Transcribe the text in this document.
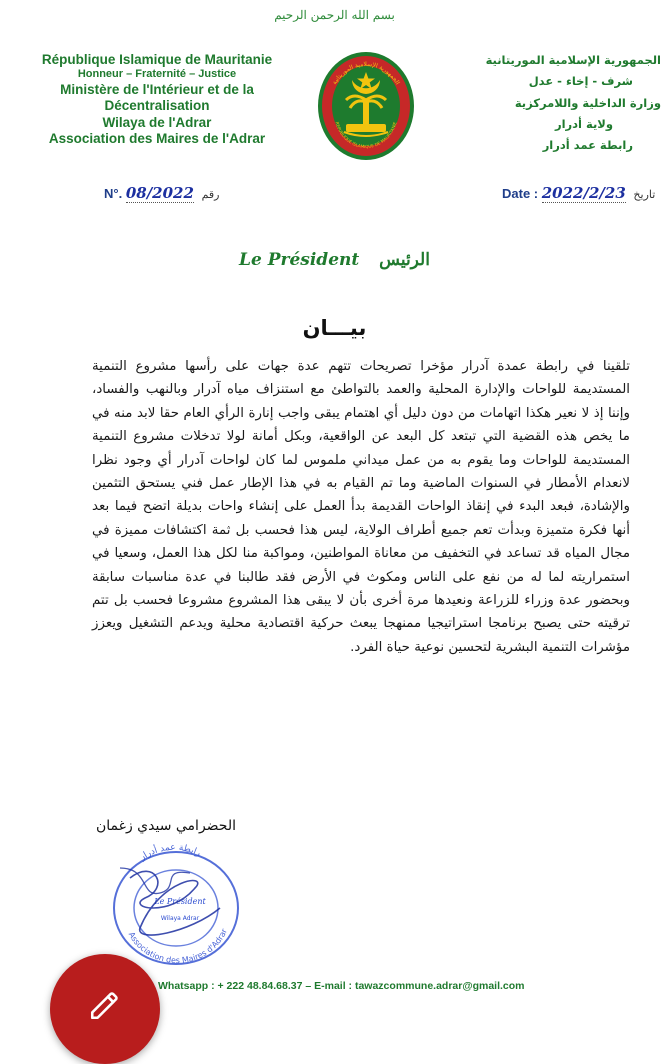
بسم الله الرحمن الرحيم
République Islamique de Mauritanie
Honneur – Fraternité – Justice
Ministère de l'Intérieur et de la Décentralisation
Wilaya de l'Adrar
Association des Maires de l'Adrar
الجمهورية الإسلامية الموريتانية
REPUBLIQUE ISLAMIQUE DE MAURITANIE
الجمهورية الإسلامية الموريتانية
شرف - إخاء - عدل
وزارة الداخلية واللامركزية
ولاية أدرار
رابطة عمد أدرار
N°. 08/2022 رقم	Date : 2022/2/23 تاريخ
Le Président الرئيس
بيـــان
تلقينا في رابطة عمدة آدرار مؤخرا تصريحات تتهم عدة جهات على رأسها مشروع التنمية المستديمة للواحات والإدارة المحلية والعمد بالتواطئ مع استنزاف مياه آدرار وبالنهب والفساد، وإننا إذ لا نعير هكذا اتهامات من دون دليل أي اهتمام يبقى واجب إنارة الرأي العام حقا لابد منه في ما يخص هذه القضية التي تبتعد كل البعد عن الواقعية، وبكل أمانة لولا تدخلات مشروع التنمية المستديمة للواحات وما يقوم به من عمل ميداني ملموس لما كان لواحات آدرار أي وجود نظرا لانعدام الأمطار في السنوات الماضية وما تم القيام به في هذا الإطار عمل فني يستحق التثمين والإشادة، فبعد البدء في إنقاذ الواحات القديمة بدأ العمل على إنشاء واحات بديلة اتضح فيما بعد أنها فكرة متميزة وبدأت تعم جميع أطراف الولاية، ليس هذا فحسب بل ثمة اكتشافات مميزة في مجال المياه قد تساعد في التخفيف من معاناة المواطنين، ومواكبة منا لكل هذا العمل، وسعيا في استمراريته لما له من نفع على الناس ومكوث في الأرض فقد طالبنا في عدة مناسبات سابقة وبحضور عدة وزراء للزراعة ونعيدها مرة أخرى بأن لا يبقى هذا المشروع مشروعا فحسب بل تتم ترقيته حتى يصبح برنامجا استراتيجيا ممنهجا يبعث حركية اقتصادية محلية ويدعم التشغيل ويعزز مؤشرات التنمية البشرية لتحسين نوعية حياة الفرد.
الحضرامي سيدي زغمان
رابطة عمد أدرار
Association des Maires d'Adrar
Le Président
Wilaya Adrar
Whatsapp : + 222 48.84.68.37 – E-mail : tawazcommune.adrar@gmail.com
